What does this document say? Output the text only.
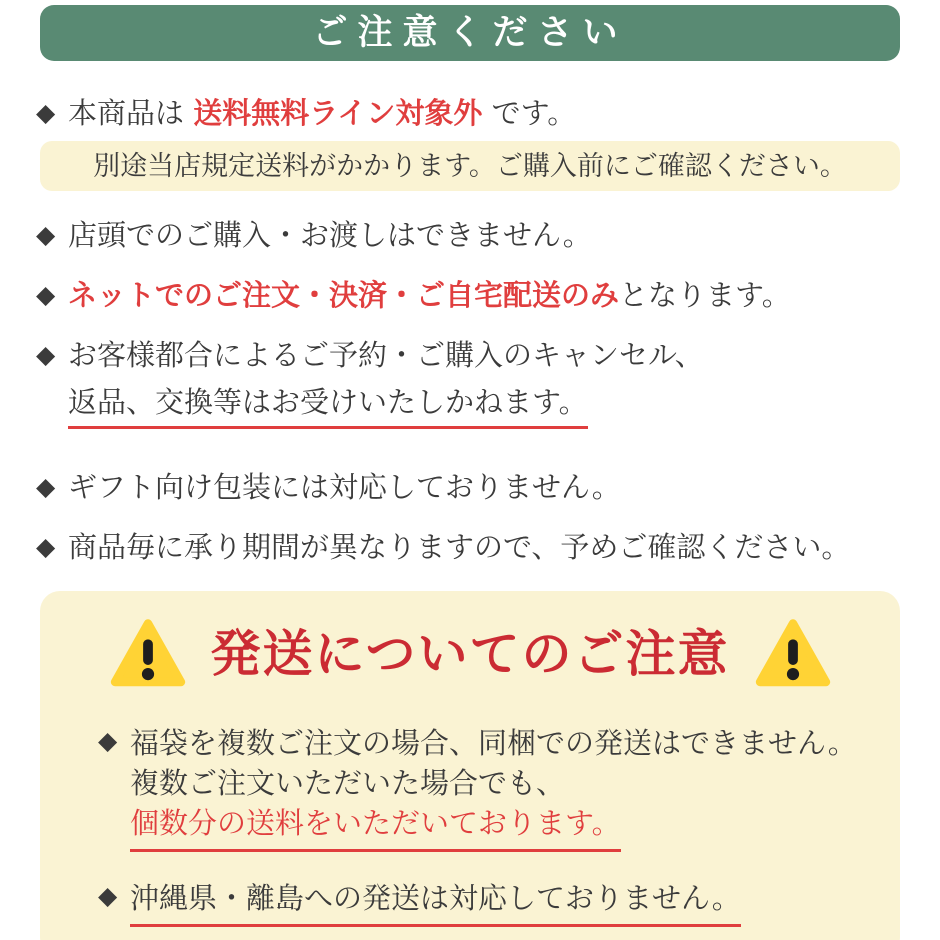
ご注意ください
◆ 本商品は 送料無料ライン対象外 です。
別途当店規定送料がかかります。ご購入前にご確認ください。
◆ 店頭でのご購入・お渡しはできません。
◆ ネットでのご注文・決済・ご自宅配送のみとなります。
◆ お客様都合によるご予約・ご購入のキャンセル、
返品、交換等はお受けいたしかねます。
◆ ギフト向け包装には対応しておりません。
◆ 商品毎に承り期間が異なりますので、予めご確認ください。
発送についてのご注意
◆ 福袋を複数ご注文の場合、同梱での発送はできません。
複数ご注文いただいた場合でも、
個数分の送料をいただいております。
◆ 沖縄県・離島への発送は対応しておりません。
